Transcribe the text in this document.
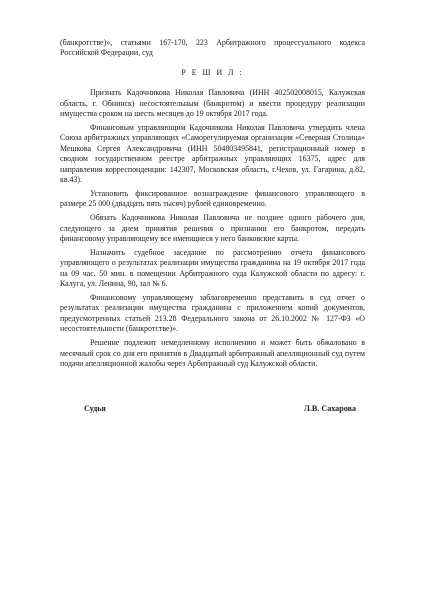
(банкротстве)», статьями 167-170, 223 Арбитражного процессуального кодекса Российской Федерации, суд

Р Е Ш И Л :

Признать Кадочникова Николая Павловича (ИНН 402502008015, Калужская область, г. Обнинск) несостоятельным (банкротом) и ввести процедуру реализации имущества сроком на шесть месяцев до 19 октября 2017 года.

Финансовым управляющим Кадочникова Николая Павловича утвердить члена Союза арбитражных управляющих «Саморегулируемая организация «Северная Столица» Мешкова Сергея Александровича (ИНН 504803495841, регистрационный номер в сводном государственном реестре арбитражных управляющих 16375, адрес для направления корреспонденции: 142307, Московская область, г.Чехов, ул. Гагарина, д.82, кв.43).

Установить фиксированное вознаграждение финансового управляющего в размере 25 000 (двадцать пять тысяч) рублей единовременно.

Обязать Кадочникова Николая Павловича не позднее одного рабочего дня, следующего за днем принятия решения о признании его банкротом, передать финансовому управляющему все имеющиеся у него банковские карты.

Назначить судебное заседание по рассмотрению отчета финансового управляющего о результатах реализации имущества гражданина на 19 октября 2017 года на 09 час. 50 мин. в помещении Арбитражного суда Калужской области по адресу: г. Калуга, ул. Ленина, 90, зал № 6.

Финансовому управляющему заблаговременно представить в суд отчет о результатах реализации имущества гражданина с приложением копий документов, предусмотренных статьей 213.28 Федерального закона от 26.10.2002 № 127-ФЗ «О несостоятельности (банкротстве)».

Решение подлежит немедленному исполнению и может быть обжаловано в месячный срок со дня его принятия в Двадцатый арбитражный апелляционный суд путем подачи апелляционной жалобы через Арбитражный суд Калужской области.

Судья	Л.В. Сахарова
